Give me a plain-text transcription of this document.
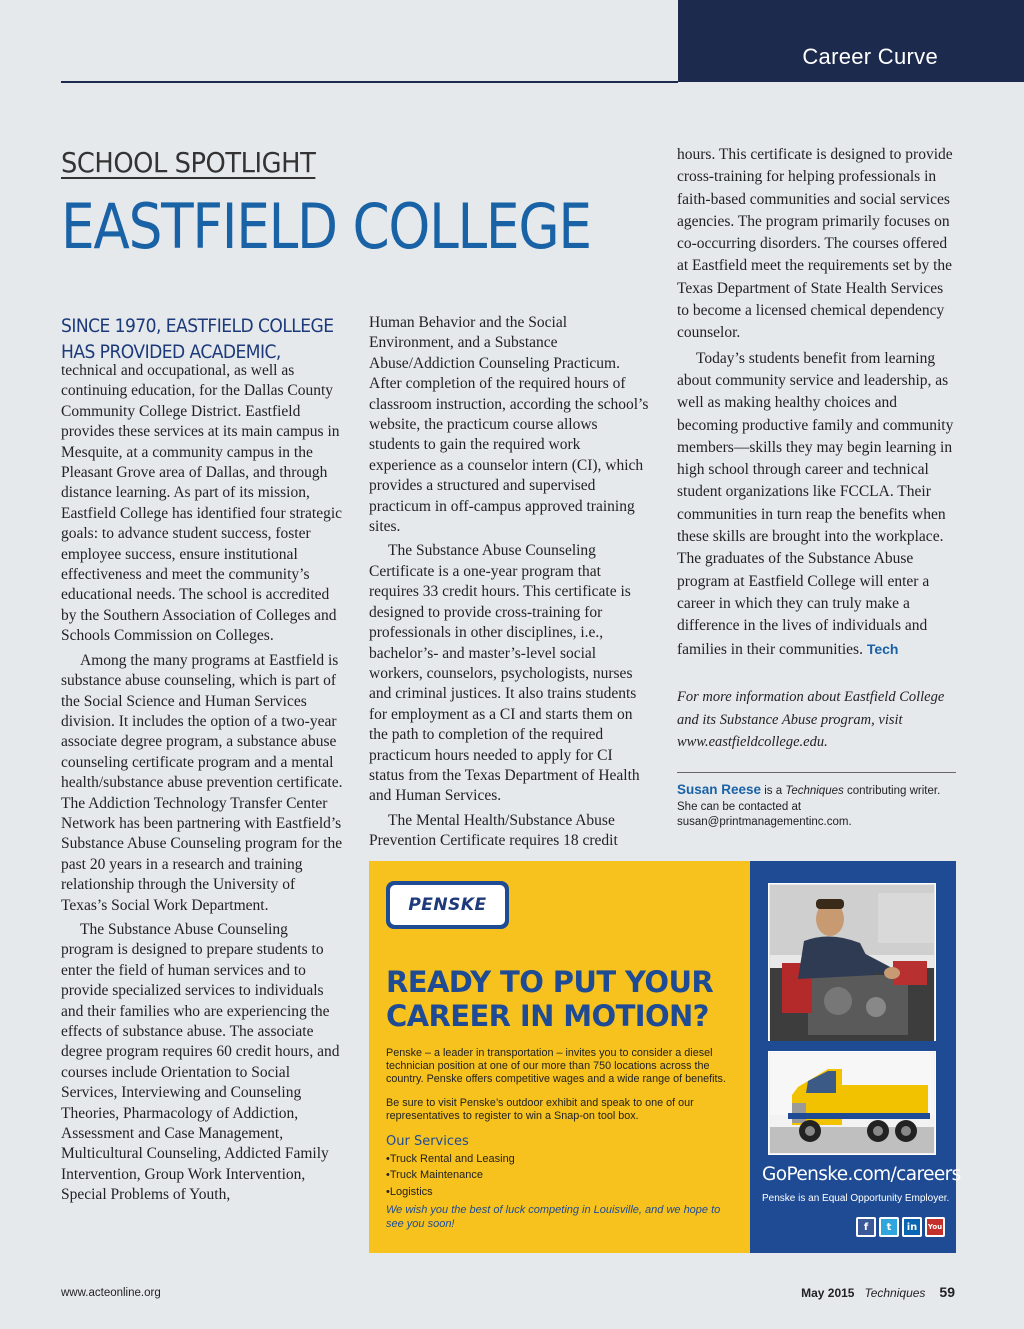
Career Curve
SCHOOL SPOTLIGHT
EASTFIELD COLLEGE
SINCE 1970, EASTFIELD COLLEGE HAS PROVIDED ACADEMIC,

technical and occupational, as well as continuing education, for the Dallas County Community College District. Eastfield provides these services at its main campus in Mesquite, at a community campus in the Pleasant Grove area of Dallas, and through distance learning. As part of its mission, Eastfield College has identified four strategic goals: to advance student success, foster employee success, ensure institutional effectiveness and meet the community’s educational needs. The school is accredited by the Southern Association of Colleges and Schools Commission on Colleges.

Among the many programs at Eastfield is substance abuse counseling, which is part of the Social Science and Human Services division. It includes the option of a two-year associate degree program, a substance abuse counseling certificate program and a mental health/substance abuse prevention certificate. The Addiction Technology Transfer Center Network has been partnering with Eastfield’s Substance Abuse Counseling program for the past 20 years in a research and training relationship through the University of Texas’s Social Work Department.

The Substance Abuse Counseling program is designed to prepare students to enter the field of human services and to provide specialized services to individuals and their families who are experiencing the effects of substance abuse. The associate degree program requires 60 credit hours, and courses include Orientation to Social Services, Interviewing and Counseling Theories, Pharmacology of Addiction, Assessment and Case Management, Multicultural Counseling, Addicted Family Intervention, Group Work Intervention, Special Problems of Youth,

Human Behavior and the Social Environment, and a Substance Abuse/Addiction Counseling Practicum. After completion of the required hours of classroom instruction, according the school’s website, the practicum course allows students to gain the required work experience as a counselor intern (CI), which provides a structured and supervised practicum in off-campus approved training sites.

The Substance Abuse Counseling Certificate is a one-year program that requires 33 credit hours. This certificate is designed to provide cross-training for professionals in other disciplines, i.e., bachelor’s- and master’s-level social workers, counselors, psychologists, nurses and criminal justices. It also trains students for employment as a CI and starts them on the path to completion of the required practicum hours needed to apply for CI status from the Texas Department of Health and Human Services.

The Mental Health/Substance Abuse Prevention Certificate requires 18 credit

hours. This certificate is designed to provide cross-training for helping professionals in faith-based communities and social services agencies. The program primarily focuses on co-occurring disorders. The courses offered at Eastfield meet the requirements set by the Texas Department of State Health Services to become a licensed chemical dependency counselor.

Today’s students benefit from learning about community service and leadership, as well as making healthy choices and becoming productive family and community members—skills they may begin learning in high school through career and technical student organizations like FCCLA. Their communities in turn reap the benefits when these skills are brought into the workplace. The graduates of the Substance Abuse program at Eastfield College will enter a career in which they can truly make a difference in the lives of individuals and families in their communities. Tech

For more information about Eastfield College and its Substance Abuse program, visit www.eastfieldcollege.edu.
Susan Reese is a Techniques contributing writer. She can be contacted at susan@printmanagementinc.com.
PENSKE
READY TO PUT YOUR CAREER IN MOTION?

Penske – a leader in transportation – invites you to consider a diesel technician position at one of our more than 750 locations across the country. Penske offers competitive wages and a wide range of benefits.

Be sure to visit Penske’s outdoor exhibit and speak to one of our representatives to register to win a Snap-on tool box.

Our Services
• Truck Rental and Leasing
• Truck Maintenance
• Logistics
We wish you the best of luck competing in Louisville, and we hope to see you soon!
GoPenske.com/careers
Penske is an Equal Opportunity Employer.
f	t	in	You
www.acteonline.org	May 2015 Techniques 59
